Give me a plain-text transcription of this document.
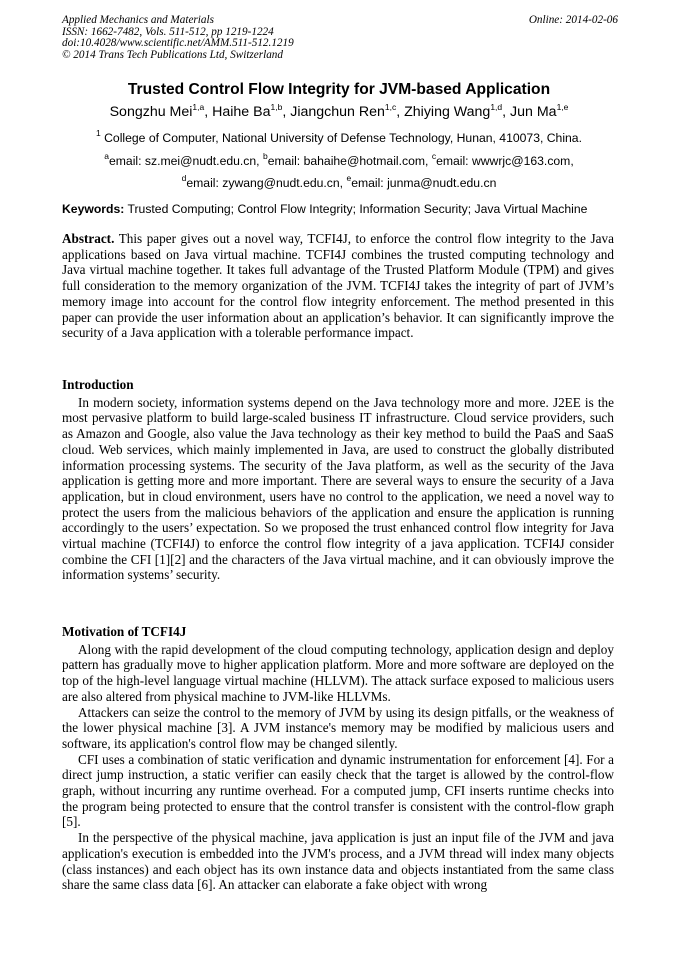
Applied Mechanics and Materials
ISSN: 1662-7482, Vols. 511-512, pp 1219-1224
doi:10.4028/www.scientific.net/AMM.511-512.1219
© 2014 Trans Tech Publications Ltd, Switzerland
Online: 2014-02-06
Trusted Control Flow Integrity for JVM-based Application
Songzhu Mei$^{1,a}$, Haihe Ba$^{1,b}$, Jiangchun Ren$^{1,c}$, Zhiying Wang$^{1,d}$, Jun Ma$^{1,e}$
$^1$ College of Computer, National University of Defense Technology, Hunan, 410073, China.
$^a$email: sz.mei@nudt.edu.cn, $^b$email: bahaihe@hotmail.com, $^c$email: wwwrjc@163.com,
$^d$email: zywang@nudt.edu.cn, $^e$email: junma@nudt.edu.cn
Keywords: Trusted Computing; Control Flow Integrity; Information Security; Java Virtual Machine

Abstract. This paper gives out a novel way, TCFI4J, to enforce the control flow integrity to the Java applications based on Java virtual machine. TCFI4J combines the trusted computing technology and Java virtual machine together. It takes full advantage of the Trusted Platform Module (TPM) and gives full consideration to the memory organization of the JVM. TCFI4J takes the integrity of part of JVM’s memory image into account for the control flow integrity enforcement. The method presented in this paper can provide the user information about an application’s behavior. It can significantly improve the security of a Java application with a tolerable performance impact.

Introduction

In modern society, information systems depend on the Java technology more and more. J2EE is the most pervasive platform to build large-scaled business IT infrastructure. Cloud service providers, such as Amazon and Google, also value the Java technology as their key method to build the PaaS and SaaS cloud. Web services, which mainly implemented in Java, are used to construct the globally distributed information processing systems. The security of the Java platform, as well as the security of the Java application is getting more and more important. There are several ways to ensure the security of a Java application, but in cloud environment, users have no control to the application, we need a novel way to protect the users from the malicious behaviors of the application and ensure the application is running accordingly to the users’ expectation. So we proposed the trust enhanced control flow integrity for Java virtual machine (TCFI4J) to enforce the control flow integrity of a java application. TCFI4J consider combine the CFI [1][2] and the characters of the Java virtual machine, and it can obviously improve the information systems’ security.

Motivation of TCFI4J

Along with the rapid development of the cloud computing technology, application design and deploy pattern has gradually move to higher application platform. More and more software are deployed on the top of the high-level language virtual machine (HLLVM). The attack surface exposed to malicious users are also altered from physical machine to JVM-like HLLVMs.

Attackers can seize the control to the memory of JVM by using its design pitfalls, or the weakness of the lower physical machine [3]. A JVM instance's memory may be modified by malicious users and software, its application's control flow may be changed silently.

CFI uses a combination of static verification and dynamic instrumentation for enforcement [4]. For a direct jump instruction, a static verifier can easily check that the target is allowed by the control-flow graph, without incurring any runtime overhead. For a computed jump, CFI inserts runtime checks into the program being protected to ensure that the control transfer is consistent with the control-flow graph [5].

In the perspective of the physical machine, java application is just an input file of the JVM and java application's execution is embedded into the JVM's process, and a JVM thread will index many objects (class instances) and each object has its own instance data and objects instantiated from the same class share the same class data [6]. An attacker can elaborate a fake object with wrong
